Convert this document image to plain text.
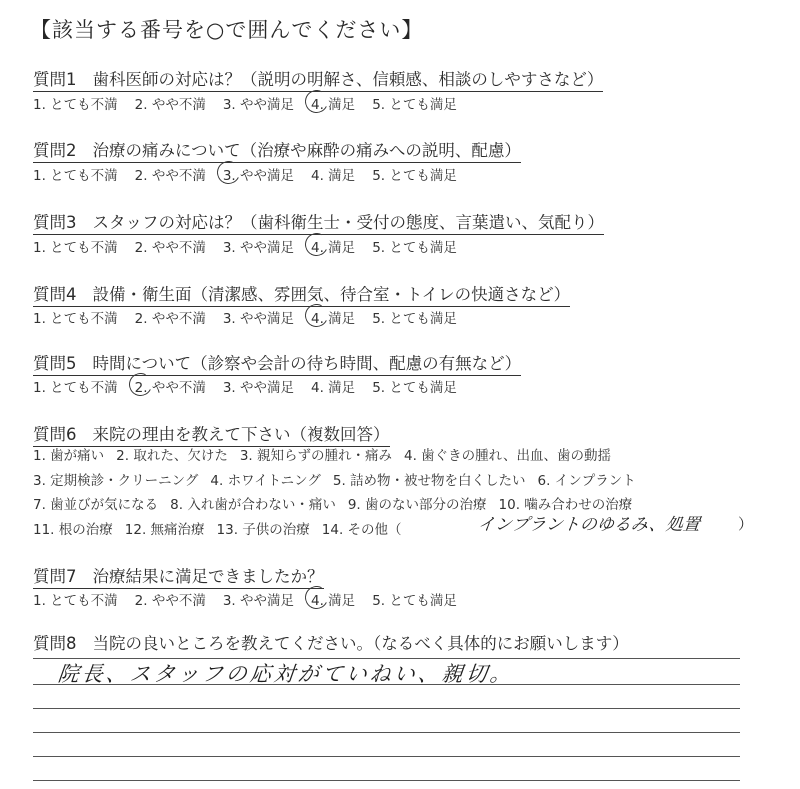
【該当する番号を○で囲んでください】
質問1 歯科医師の対応は？（説明の明解さ、信頼感、相談のしやすさなど）
1. とても不満 2. やや不満 3. やや満足 4. 満足 5. とても満足
質問2 治療の痛みについて（治療や麻酔の痛みへの説明、配慮）
1. とても不満 2. やや不満 3. やや満足 4. 満足 5. とても満足
質問3 スタッフの対応は？（歯科衛生士・受付の態度、言葉遣い、気配り）
1. とても不満 2. やや不満 3. やや満足 4. 満足 5. とても満足
質問4 設備・衛生面（清潔感、雰囲気、待合室・トイレの快適さなど）
1. とても不満 2. やや不満 3. やや満足 4. 満足 5. とても満足
質問5 時間について（診察や会計の待ち時間、配慮の有無など）
1. とても不満 2. やや不満 3. やや満足 4. 満足 5. とても満足
質問6 来院の理由を教えて下さい（複数回答）
1. 歯が痛い 2. 取れた、欠けた 3. 親知らずの腫れ・痛み 4. 歯ぐきの腫れ、出血、歯の動揺
3. 定期検診・クリーニング 4. ホワイトニング 5. 詰め物・被せ物を白くしたい 6. インプラント
7. 歯並びが気になる 8. 入れ歯が合わない・痛い 9. 歯のない部分の治療 10. 噛み合わせの治療
11. 根の治療 12. 無痛治療 13. 子供の治療 14. その他（	インプラントのゆるみ、処置 ）
質問7 治療結果に満足できましたか？
1. とても不満 2. やや不満 3. やや満足 4. 満足 5. とても満足
質問8 当院の良いところを教えてください。（なるべく具体的にお願いします）
院長、スタッフの応対がていねい、親切。
